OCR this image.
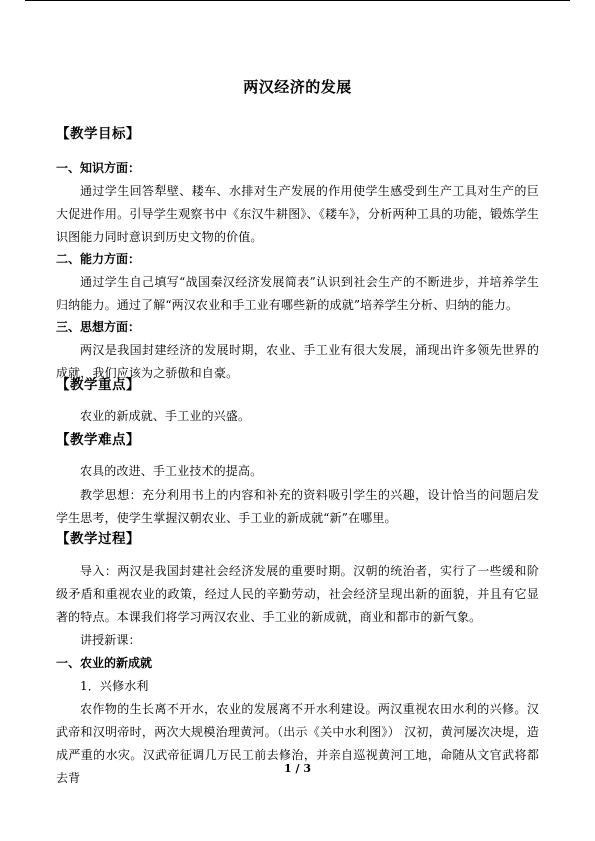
两汉经济的发展
【教学目标】
一、知识方面：
通过学生回答犁壁、耧车、水排对生产发展的作用使学生感受到生产工具对生产的巨大促进作用。引导学生观察书中《东汉牛耕图》、《耧车》，分析两种工具的功能，锻炼学生识图能力同时意识到历史文物的价值。
二、能力方面：
通过学生自己填写“战国秦汉经济发展简表”认识到社会生产的不断进步，并培养学生归纳能力。通过了解“两汉农业和手工业有哪些新的成就”培养学生分析、归纳的能力。
三、思想方面：
两汉是我国封建经济的发展时期，农业、手工业有很大发展，涌现出许多领先世界的成就，我们应该为之骄傲和自豪。
【教学重点】
农业的新成就、手工业的兴盛。
【教学难点】
农具的改进、手工业技术的提高。
教学思想：充分利用书上的内容和补充的资料吸引学生的兴趣，设计恰当的问题启发学生思考，使学生掌握汉朝农业、手工业的新成就“新”在哪里。
【教学过程】
导入：两汉是我国封建社会经济发展的重要时期。汉朝的统治者，实行了一些缓和阶级矛盾和重视农业的政策，经过人民的辛勤劳动，社会经济呈现出新的面貌，并且有它显著的特点。本课我们将学习两汉农业、手工业的新成就，商业和都市的新气象。
讲授新课：
一、农业的新成就
1．兴修水利
农作物的生长离不开水，农业的发展离不开水利建设。两汉重视农田水利的兴修。汉武帝和汉明帝时，两次大规模治理黄河。（出示《关中水利图》） 汉初，黄河屡次决堤，造成严重的水灾。汉武帝征调几万民工前去修治，并亲自巡视黄河工地，命随从文官武将都去背
1 / 3
